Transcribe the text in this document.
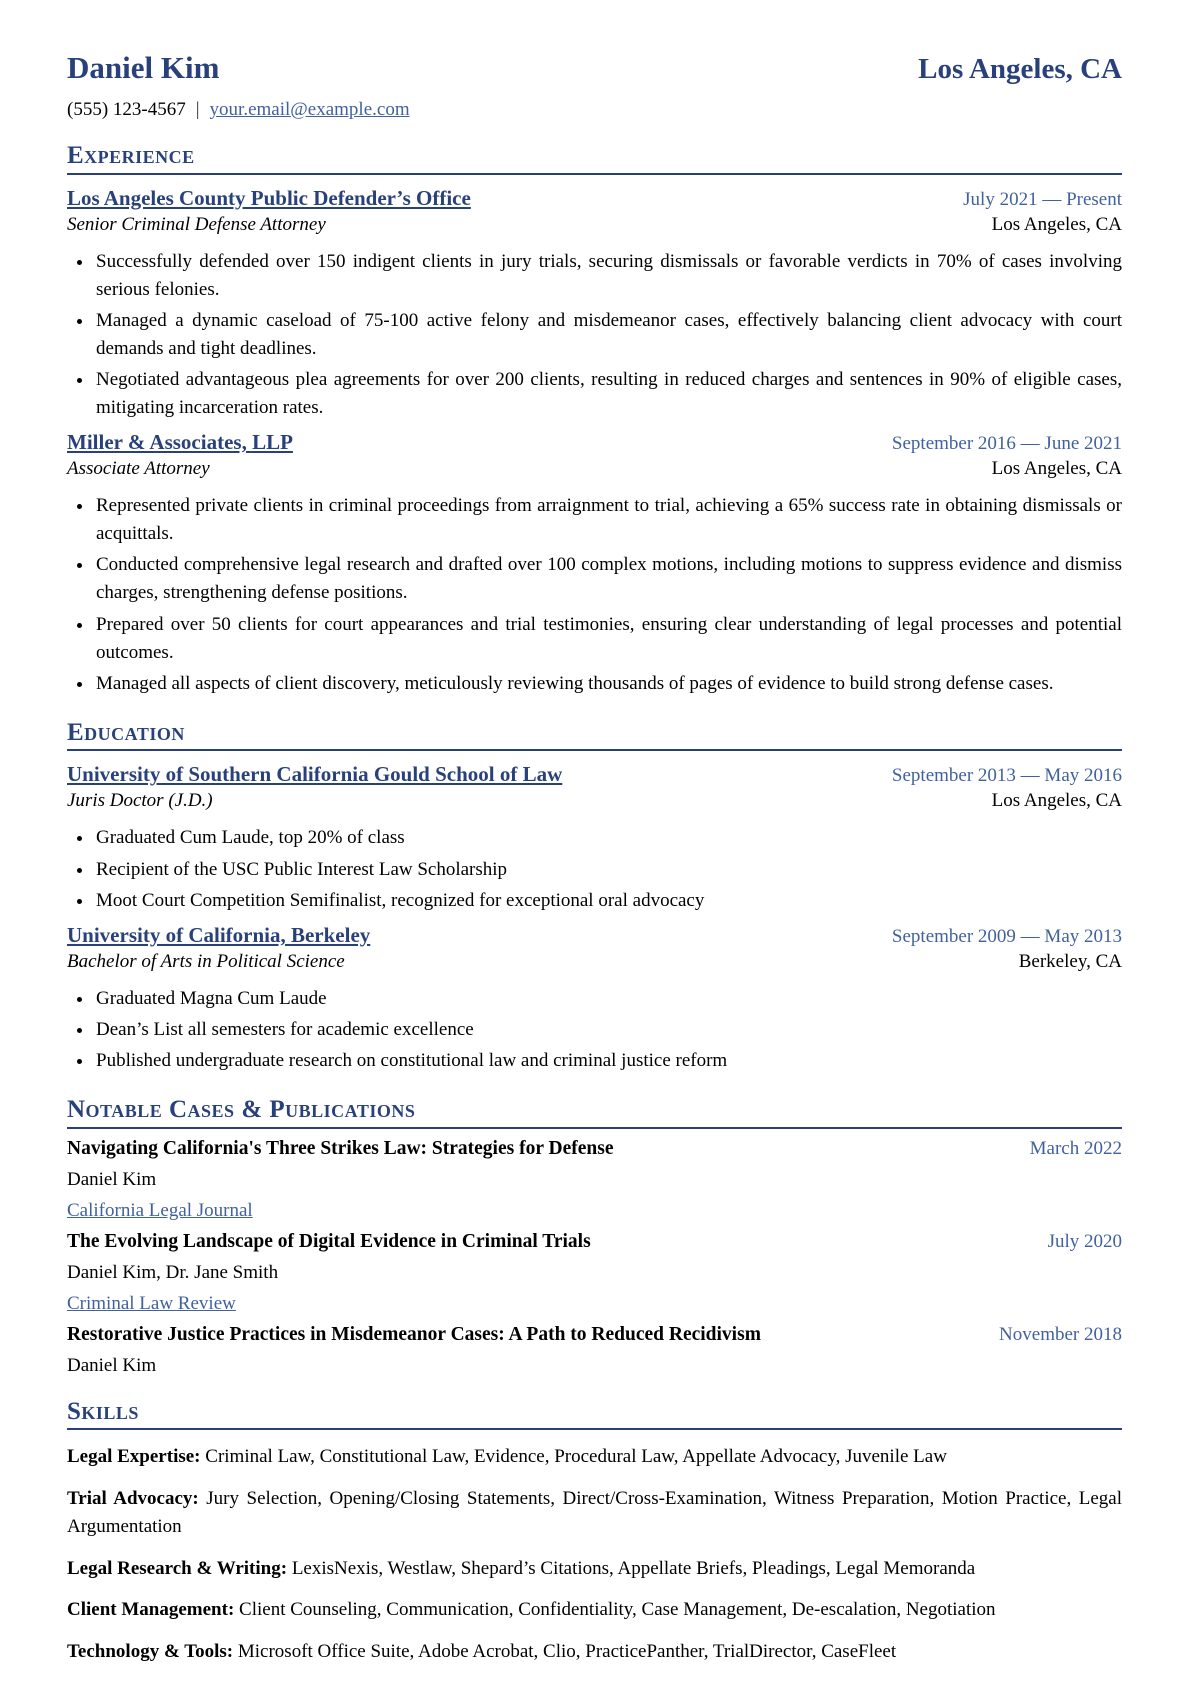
Daniel Kim	Los Angeles, CA
(555) 123-4567 | your.email@example.com
Experience
Los Angeles County Public Defender’s Office	July 2021 — Present
Senior Criminal Defense Attorney	Los Angeles, CA
• Successfully defended over 150 indigent clients in jury trials, securing dismissals or favorable verdicts in 70% of cases involving serious felonies.
• Managed a dynamic caseload of 75-100 active felony and misdemeanor cases, effectively balancing client advocacy with court demands and tight deadlines.
• Negotiated advantageous plea agreements for over 200 clients, resulting in reduced charges and sentences in 90% of eligible cases, mitigating incarceration rates.
Miller & Associates, LLP	September 2016 — June 2021
Associate Attorney	Los Angeles, CA
• Represented private clients in criminal proceedings from arraignment to trial, achieving a 65% success rate in obtaining dismissals or acquittals.
• Conducted comprehensive legal research and drafted over 100 complex motions, including motions to suppress evidence and dismiss charges, strengthening defense positions.
• Prepared over 50 clients for court appearances and trial testimonies, ensuring clear understanding of legal processes and potential outcomes.
• Managed all aspects of client discovery, meticulously reviewing thousands of pages of evidence to build strong defense cases.
Education
University of Southern California Gould School of Law	September 2013 — May 2016
Juris Doctor (J.D.)	Los Angeles, CA
• Graduated Cum Laude, top 20% of class
• Recipient of the USC Public Interest Law Scholarship
• Moot Court Competition Semifinalist, recognized for exceptional oral advocacy
University of California, Berkeley	September 2009 — May 2013
Bachelor of Arts in Political Science	Berkeley, CA
• Graduated Magna Cum Laude
• Dean’s List all semesters for academic excellence
• Published undergraduate research on constitutional law and criminal justice reform
Notable Cases & Publications
Navigating California's Three Strikes Law: Strategies for Defense	March 2022
Daniel Kim
California Legal Journal
The Evolving Landscape of Digital Evidence in Criminal Trials	July 2020
Daniel Kim, Dr. Jane Smith
Criminal Law Review
Restorative Justice Practices in Misdemeanor Cases: A Path to Reduced Recidivism	November 2018
Daniel Kim
Skills

Legal Expertise: Criminal Law, Constitutional Law, Evidence, Procedural Law, Appellate Advocacy, Juvenile Law

Trial Advocacy: Jury Selection, Opening/Closing Statements, Direct/Cross-Examination, Witness Preparation, Motion Practice, Legal Argumentation

Legal Research & Writing: LexisNexis, Westlaw, Shepard’s Citations, Appellate Briefs, Pleadings, Legal Memoranda

Client Management: Client Counseling, Communication, Confidentiality, Case Management, De-escalation, Negotiation

Technology & Tools: Microsoft Office Suite, Adobe Acrobat, Clio, PracticePanther, TrialDirector, CaseFleet
